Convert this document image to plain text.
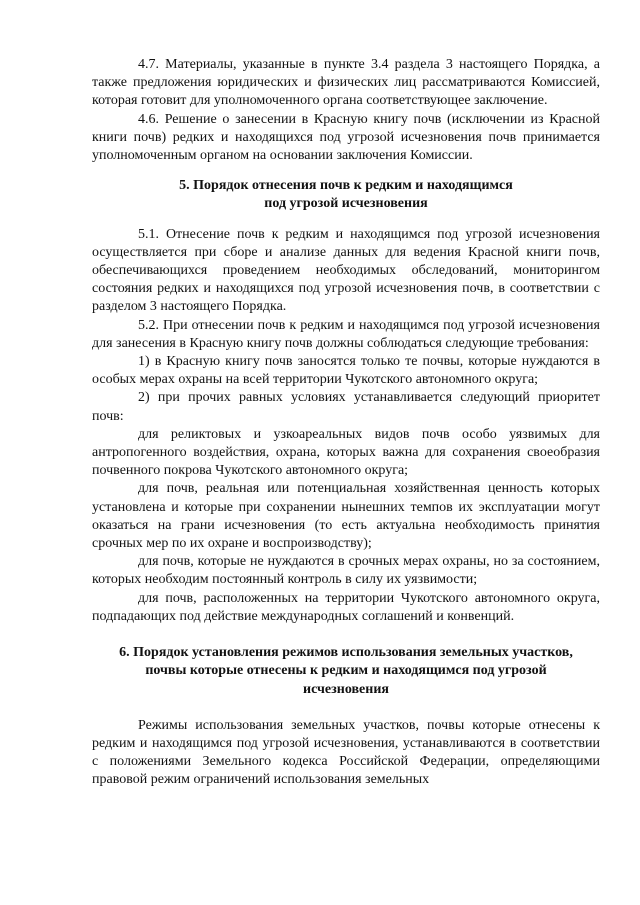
4.7. Материалы, указанные в пункте 3.4 раздела 3 настоящего Порядка, а также предложения юридических и физических лиц рассматриваются Комиссией, которая готовит для уполномоченного органа соответствующее заключение.

4.6. Решение о занесении в Красную книгу почв (исключении из Красной книги почв) редких и находящихся под угрозой исчезновения почв принимается уполномоченным органом на основании заключения Комиссии.

5. Порядок отнесения почв к редким и находящимся

под угрозой исчезновения

5.1. Отнесение почв к редким и находящимся под угрозой исчезновения осуществляется при сборе и анализе данных для ведения Красной книги почв, обеспечивающихся проведением необходимых обследований, мониторингом состояния редких и находящихся под угрозой исчезновения почв, в соответствии с разделом 3 настоящего Порядка.

5.2. При отнесении почв к редким и находящимся под угрозой исчезновения для занесения в Красную книгу почв должны соблюдаться следующие требования:

1) в Красную книгу почв заносятся только те почвы, которые нуждаются в особых мерах охраны на всей территории Чукотского автономного округа;

2) при прочих равных условиях устанавливается следующий приоритет почв:

для реликтовых и узкоареальных видов почв особо уязвимых для антропогенного воздействия, охрана, которых важна для сохранения своеобразия почвенного покрова Чукотского автономного округа;

для почв, реальная или потенциальная хозяйственная ценность которых установлена и которые при сохранении нынешних темпов их эксплуатации могут оказаться на грани исчезновения (то есть актуальна необходимость принятия срочных мер по их охране и воспроизводству);

для почв, которые не нуждаются в срочных мерах охраны, но за состоянием, которых необходим постоянный контроль в силу их уязвимости;

для почв, расположенных на территории Чукотского автономного округа, подпадающих под действие международных соглашений и конвенций.

6. Порядок установления режимов использования земельных участков,

почвы которые отнесены к редким и находящимся под угрозой

исчезновения

Режимы использования земельных участков, почвы которые отнесены к редким и находящимся под угрозой исчезновения, устанавливаются в соответствии с положениями Земельного кодекса Российской Федерации, определяющими правовой режим ограничений использования земельных
